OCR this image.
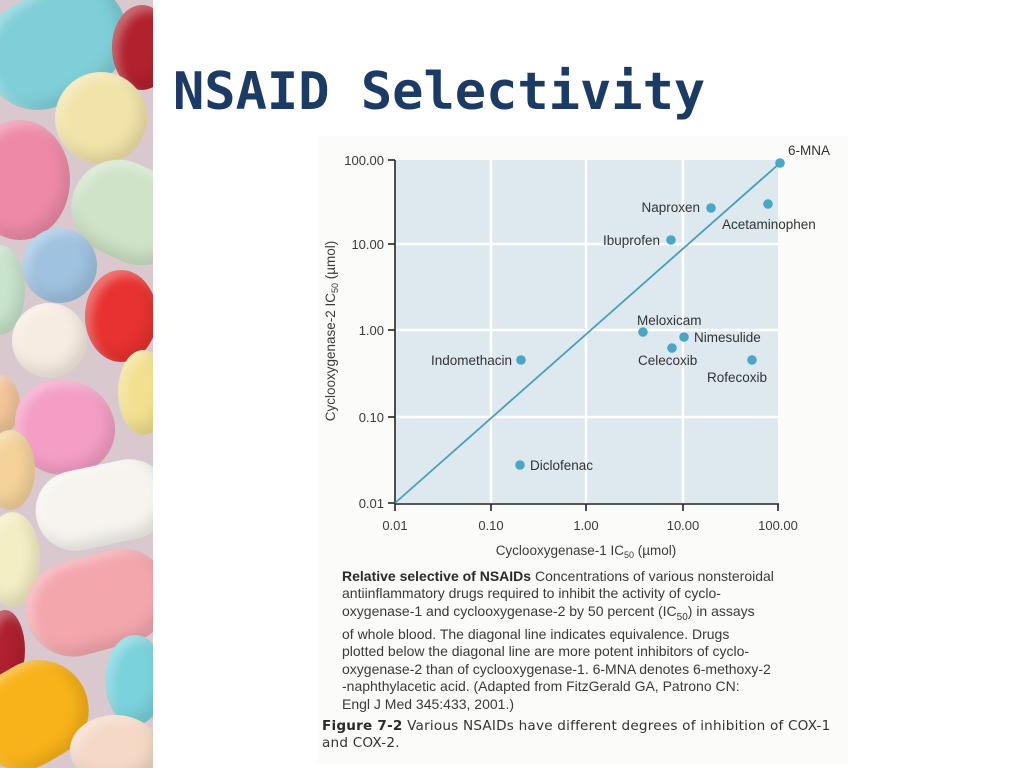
NSAID Selectivity
100.00
10.00
1.00
0.10
0.01
0.01	0.10	1.00	10.00	100.00
Cyclooxygenase-1 $IC_{50}$ (µmol)
Cyclooxygenase-2 $IC_{50}$ (µmol)
6-MNA
Naproxen
Acetaminophen
Ibuprofen
Meloxicam
Nimesulide
Celecoxib
Rofecoxib
Indomethacin
Diclofenac
Relative selective of NSAIDs Concentrations of various nonsteroidal
antiinflammatory drugs required to inhibit the activity of cyclo-
oxygenase-1 and cyclooxygenase-2 by 50 percent $(IC_{50})$ in assays
of whole blood. The diagonal line indicates equivalence. Drugs
plotted below the diagonal line are more potent inhibitors of cyclo-
oxygenase-2 than of cyclooxygenase-1. 6-MNA denotes 6-methoxy-2
-naphthylacetic acid. (Adapted from FitzGerald GA, Patrono CN:
Engl J Med 345:433, 2001.)
Figure 7-2 Various NSAIDs have different degrees of inhibition of COX-1 and COX-2.
